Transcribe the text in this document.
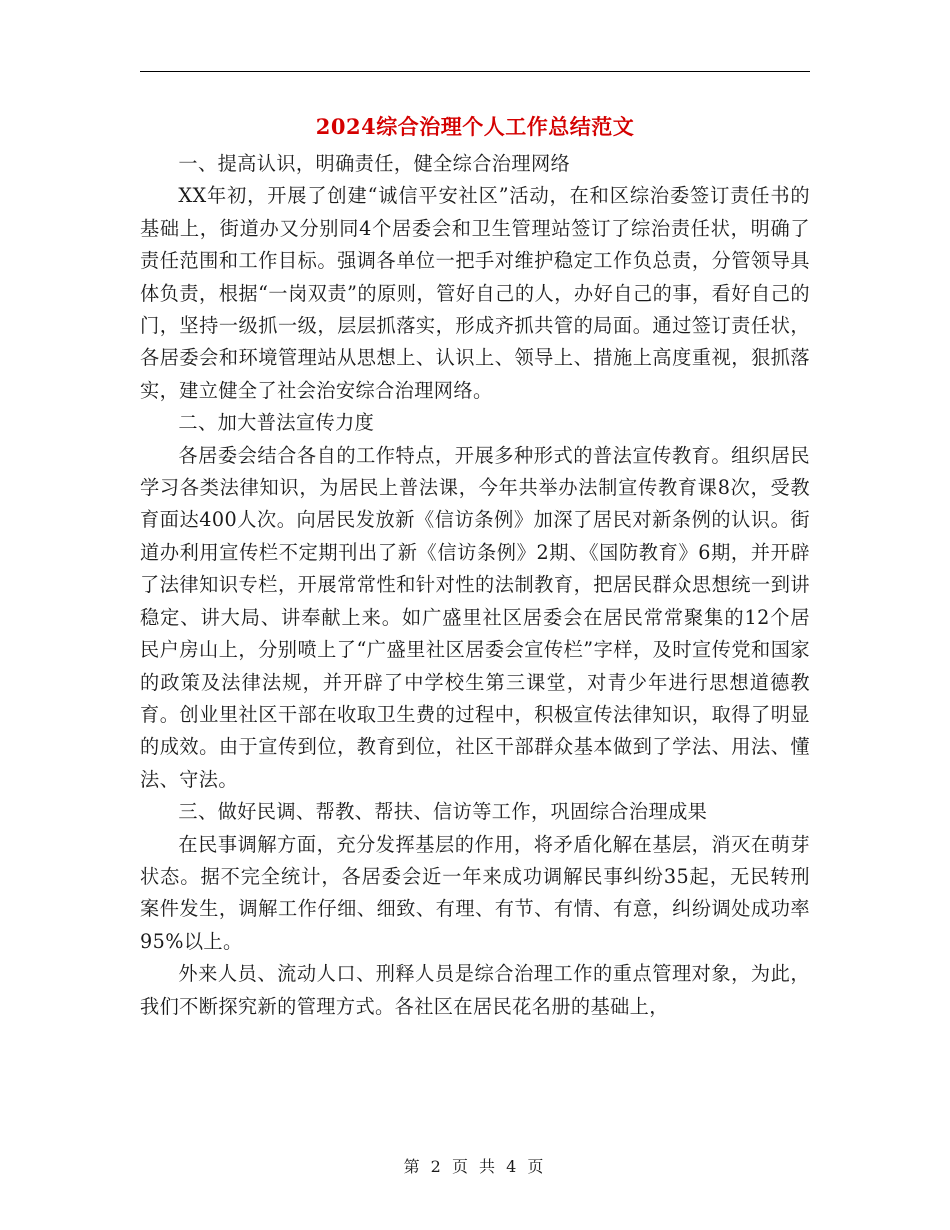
2024综合治理个人工作总结范文

一、提高认识，明确责任，健全综合治理网络

XX年初，开展了创建“诚信平安社区”活动，在和区综治委签订责任书的基础上，街道办又分别同4个居委会和卫生管理站签订了综治责任状，明确了责任范围和工作目标。强调各单位一把手对维护稳定工作负总责，分管领导具体负责，根据“一岗双责”的原则，管好自己的人，办好自己的事，看好自己的门，坚持一级抓一级，层层抓落实，形成齐抓共管的局面。通过签订责任状，各居委会和环境管理站从思想上、认识上、领导上、措施上高度重视，狠抓落实，建立健全了社会治安综合治理网络。

二、加大普法宣传力度

各居委会结合各自的工作特点，开展多种形式的普法宣传教育。组织居民学习各类法律知识，为居民上普法课，今年共举办法制宣传教育课8次，受教育面达400人次。向居民发放新《信访条例》加深了居民对新条例的认识。街道办利用宣传栏不定期刊出了新《信访条例》2期、《国防教育》6期，并开辟了法律知识专栏，开展常常性和针对性的法制教育，把居民群众思想统一到讲稳定、讲大局、讲奉献上来。如广盛里社区居委会在居民常常聚集的12个居民户房山上，分别喷上了“广盛里社区居委会宣传栏”字样，及时宣传党和国家的政策及法律法规，并开辟了中学校生第三课堂，对青少年进行思想道德教育。创业里社区干部在收取卫生费的过程中，积极宣传法律知识，取得了明显的成效。由于宣传到位，教育到位，社区干部群众基本做到了学法、用法、懂法、守法。

三、做好民调、帮教、帮扶、信访等工作，巩固综合治理成果

在民事调解方面，充分发挥基层的作用，将矛盾化解在基层，消灭在萌芽状态。据不完全统计，各居委会近一年来成功调解民事纠纷35起，无民转刑案件发生，调解工作仔细、细致、有理、有节、有情、有意，纠纷调处成功率95%以上。

外来人员、流动人口、刑释人员是综合治理工作的重点管理对象，为此，我们不断探究新的管理方式。各社区在居民花名册的基础上，

第 2 页 共 4 页
